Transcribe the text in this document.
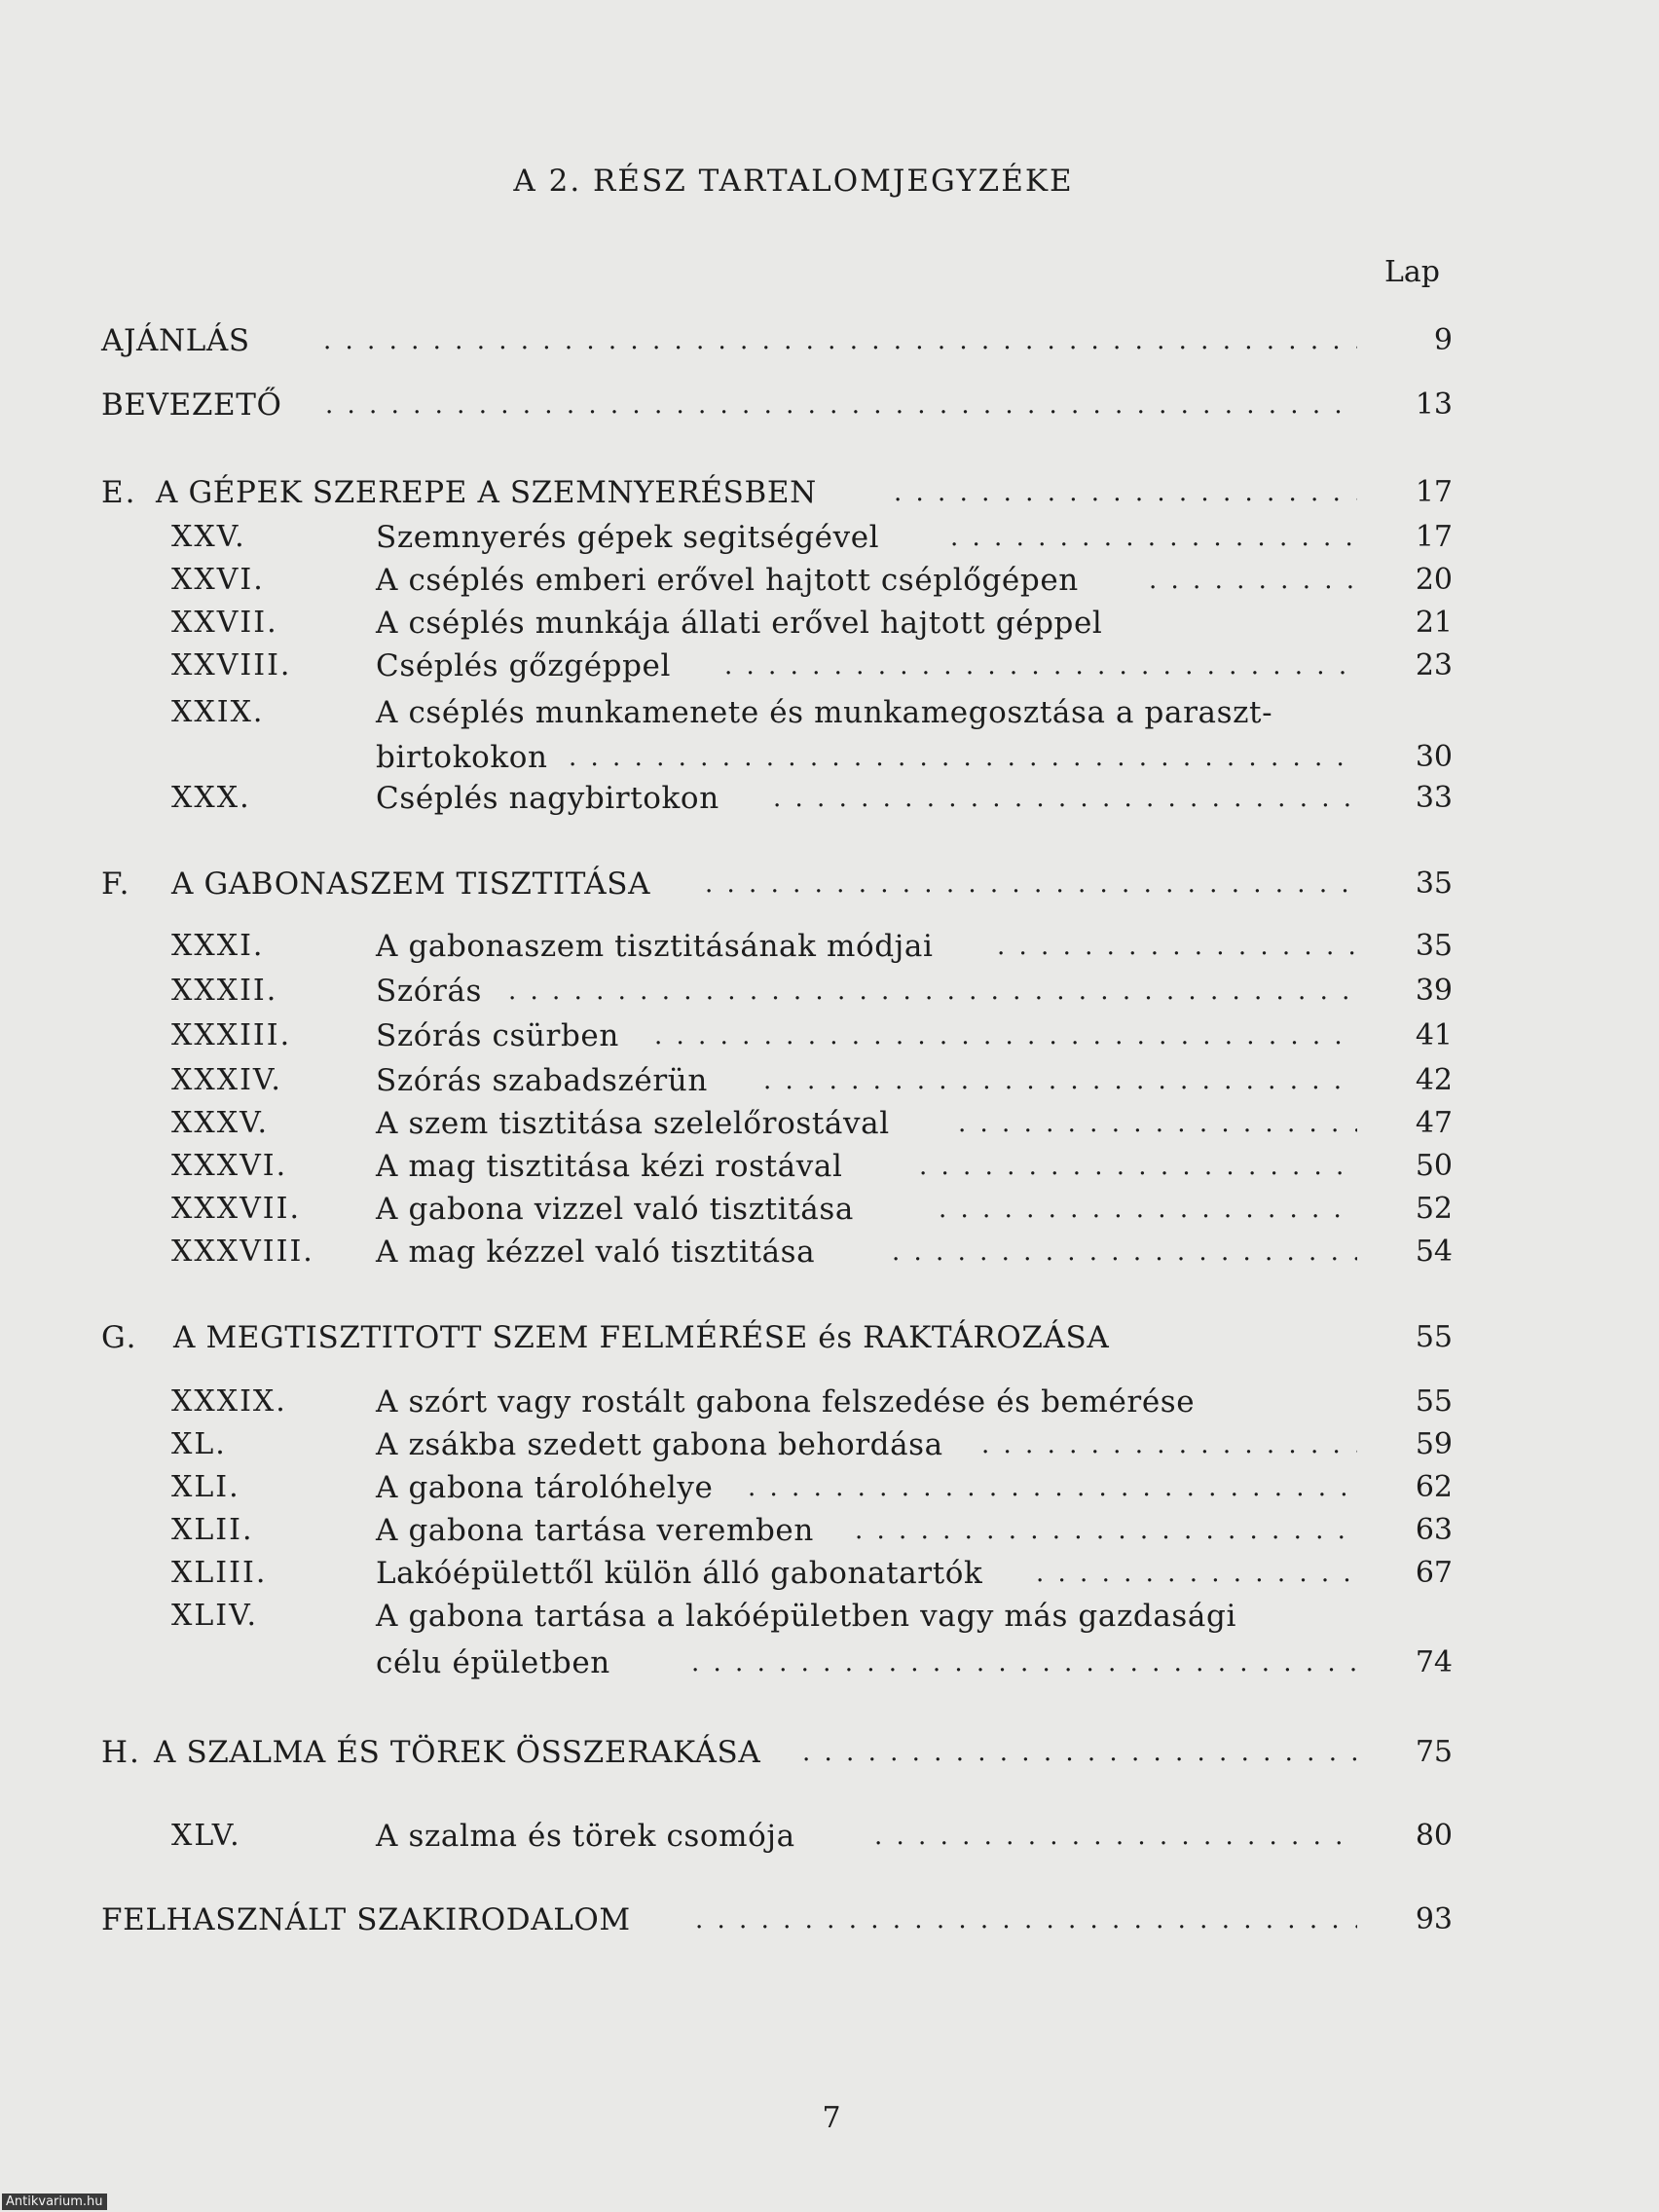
A 2. RÉSZ TARTALOMJEGYZÉKE
Lap
AJÁNLÁS . . .	9
BEVEZETŐ . . .	13
E. A GÉPEK SZEREPE A SZEMNYERÉSBEN . . .	17
XXV.	Szemnyerés gépek segitségével . . .	17
XXVI.	A cséplés emberi erővel hajtott cséplőgépen . . .	20
XXVII.	A cséplés munkája állati erővel hajtott géppel	21
XXVIII.	Cséplés gőzgéppel . . .	23
XXIX.	A cséplés munkamenete és munkamegosztása a paraszt-
birtokokon . . .	30
XXX.	Cséplés nagybirtokon . . .	33
F. A GABONASZEM TISZTITÁSA . . .	35
XXXI.	A gabonaszem tisztitásának módjai . . .	35
XXXII.	Szórás . . .	39
XXXIII.	Szórás csürben . . .	41
XXXIV.	Szórás szabadszérün . . .	42
XXXV.	A szem tisztitása szelelőrostával . . .	47
XXXVI.	A mag tisztitása kézi rostával . . .	50
XXXVII. A gabona vizzel való tisztitása . . .	52
XXXVIII. A mag kézzel való tisztitása . . .	54
G. A MEGTISZTITOTT SZEM FELMÉRÉSE és RAKTÁROZÁSA	55
XXXIX.	A szórt vagy rostált gabona felszedése és bemérése	55
XL.	A zsákba szedett gabona behordása . . .	59
XLI.	A gabona tárolóhelye . . .	62
XLII.	A gabona tartása veremben . . .	63
XLIII.	Lakóépülettől külön álló gabonatartók . . .	67
XLIV.	A gabona tartása a lakóépületben vagy más gazdasági
célu épületben . . .	74
H. A SZALMA ÉS TÖREK ÖSSZERAKÁSA . . .	75
XLV.	A szalma és törek csomója . . .	80
FELHASZNÁLT SZAKIRODALOM . . .	93
7
Antikvarium.hu
